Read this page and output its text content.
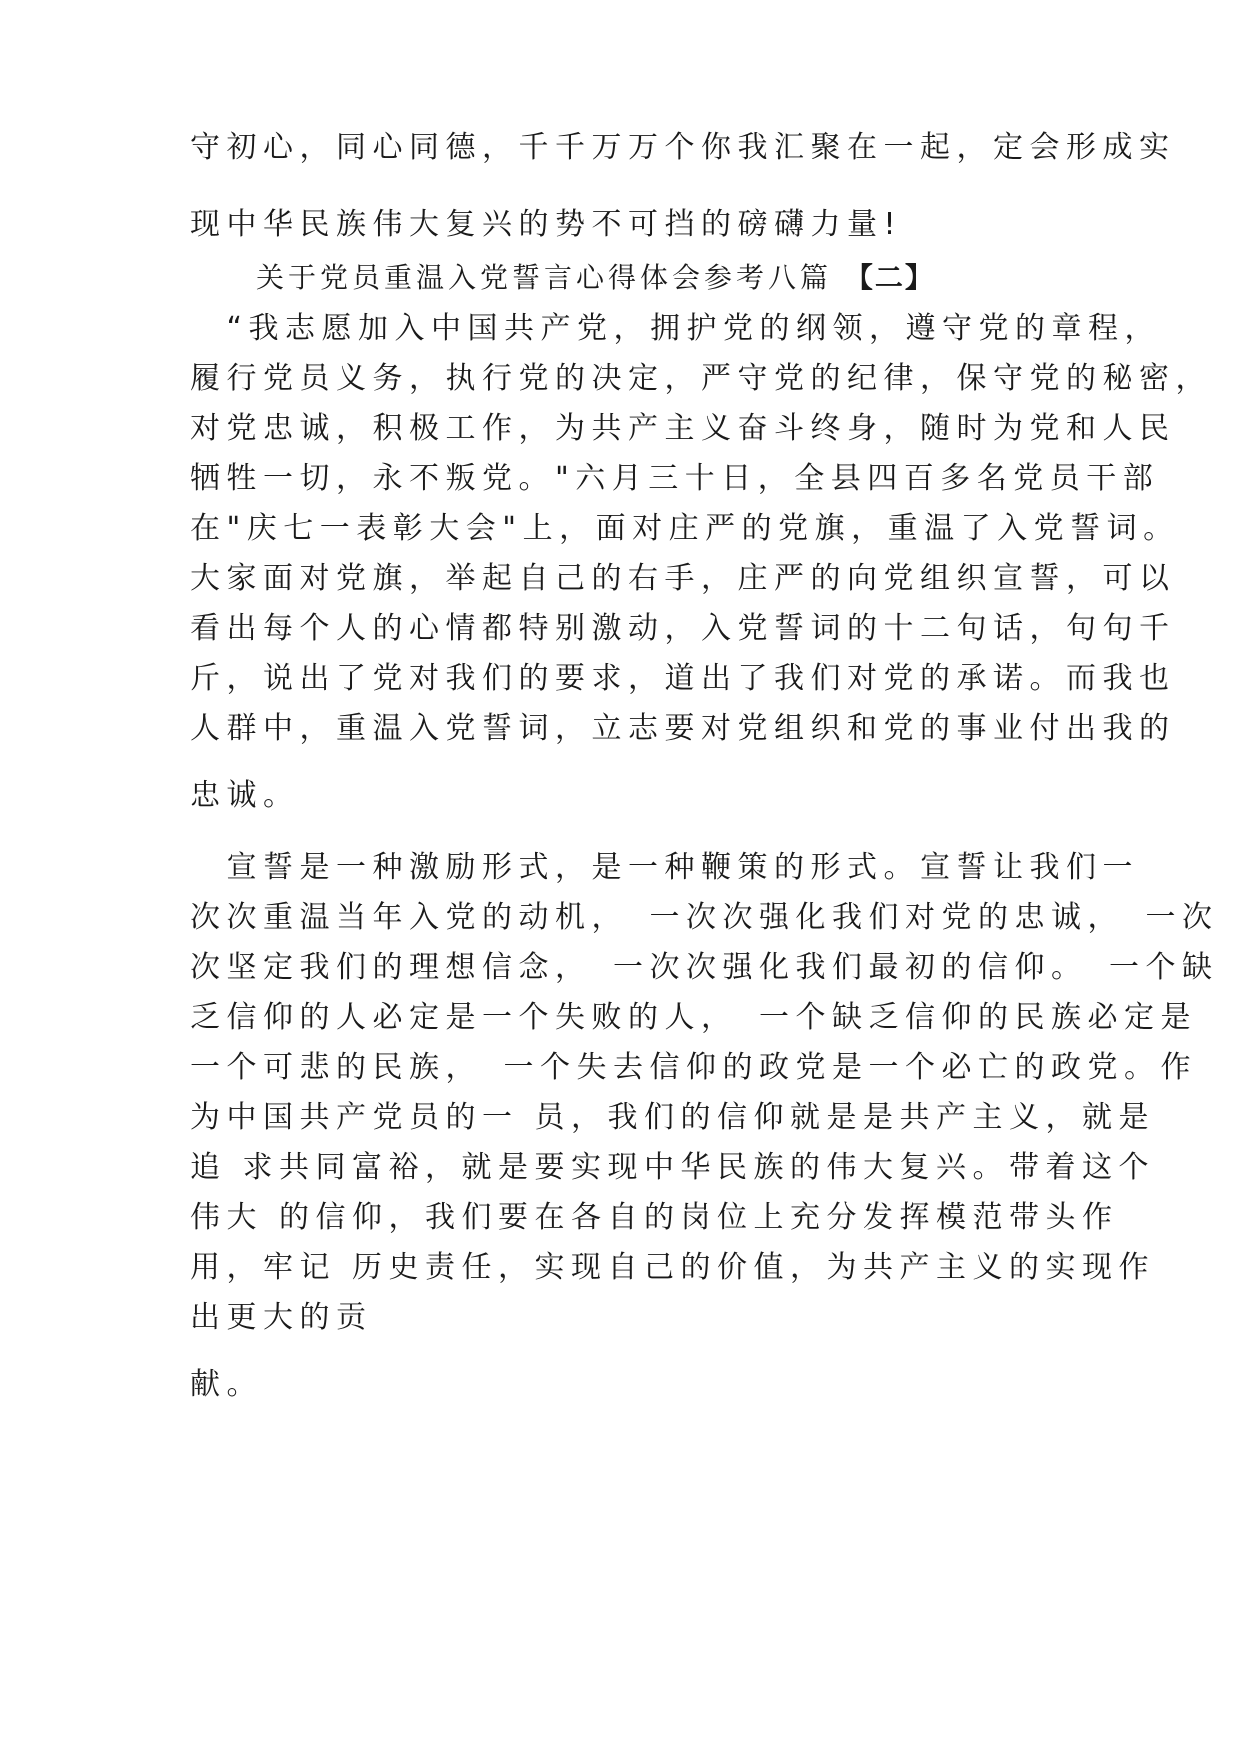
守初心，同心同德，千千万万个你我汇聚在一起，定会形成实
现中华民族伟大复兴的势不可挡的磅礴力量!
关于党员重温入党誓言心得体会参考八篇 【二】
　“我志愿加入中国共产党，拥护党的纲领，遵守党的章程，
履行党员义务，执行党的决定，严守党的纪律，保守党的秘密，
对党忠诚，积极工作，为共产主义奋斗终身，随时为党和人民
牺牲一切，永不叛党。"六月三十日，全县四百多名党员干部
在"庆七一表彰大会"上，面对庄严的党旗，重温了入党誓词。
大家面对党旗，举起自己的右手，庄严的向党组织宣誓，可以
看出每个人的心情都特别激动，入党誓词的十二句话，句句千
斤，说出了党对我们的要求，道出了我们对党的承诺。而我也
人群中，重温入党誓词，立志要对党组织和党的事业付出我的
忠诚。
　宣誓是一种激励形式，是一种鞭策的形式。宣誓让我们一
次次重温当年入党的动机，　一次次强化我们对党的忠诚，　一次
次坚定我们的理想信念，　一次次强化我们最初的信仰。　一个缺
乏信仰的人必定是一个失败的人，　一个缺乏信仰的民族必定是
一个可悲的民族，　一个失去信仰的政党是一个必亡的政党。作
为中国共产党员的一 员，我们的信仰就是是共产主义，就是
追 求共同富裕，就是要实现中华民族的伟大复兴。带着这个
伟大 的信仰，我们要在各自的岗位上充分发挥模范带头作
用，牢记 历史责任，实现自己的价值，为共产主义的实现作
出更大的贡
献。
